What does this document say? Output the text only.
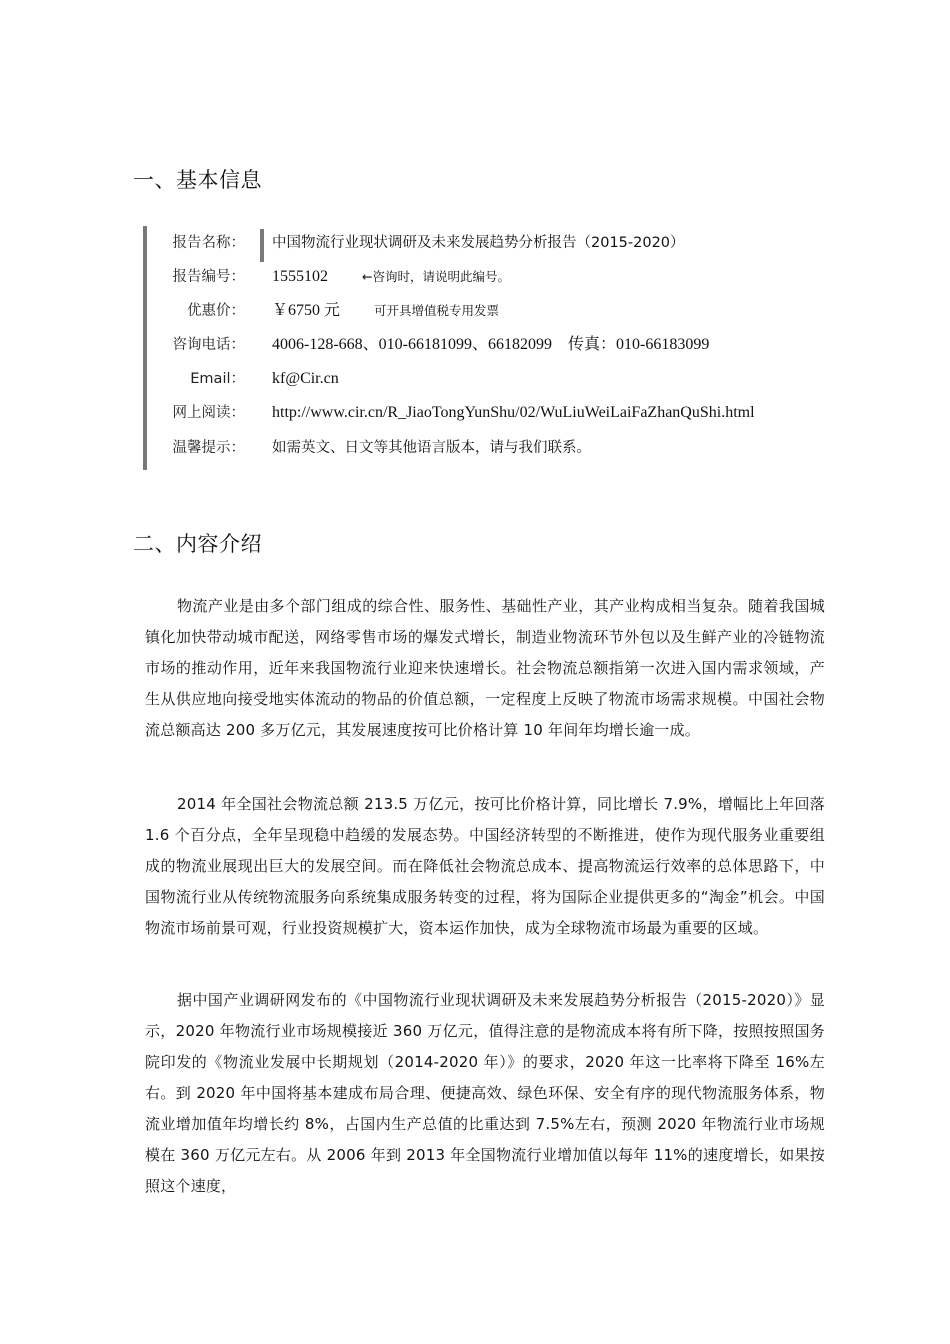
一、基本信息
报告名称： 中国物流行业现状调研及未来发展趋势分析报告（2015-2020）
报告编号： 1555102	←咨询时，请说明此编号。
优惠价： ￥6750 元	可开具增值税专用发票
咨询电话： 4006-128-668、010-66181099、66182099 传真：010-66183099
Email： kf@Cir.cn
网上阅读： http://www.cir.cn/R_JiaoTongYunShu/02/WuLiuWeiLaiFaZhanQuShi.html
温馨提示： 如需英文、日文等其他语言版本，请与我们联系。
二、内容介绍

物流产业是由多个部门组成的综合性、服务性、基础性产业，其产业构成相当复杂。随着我国城镇化加快带动城市配送，网络零售市场的爆发式增长，制造业物流环节外包以及生鲜产业的冷链物流市场的推动作用，近年来我国物流行业迎来快速增长。社会物流总额指第一次进入国内需求领域，产生从供应地向接受地实体流动的物品的价值总额，一定程度上反映了物流市场需求规模。中国社会物流总额高达 200 多万亿元，其发展速度按可比价格计算 10 年间年均增长逾一成。

2014 年全国社会物流总额 213.5 万亿元，按可比价格计算，同比增长 7.9%，增幅比上年回落 1.6 个百分点，全年呈现稳中趋缓的发展态势。中国经济转型的不断推进，使作为现代服务业重要组成的物流业展现出巨大的发展空间。而在降低社会物流总成本、提高物流运行效率的总体思路下，中国物流行业从传统物流服务向系统集成服务转变的过程，将为国际企业提供更多的“淘金”机会。中国物流市场前景可观，行业投资规模扩大，资本运作加快，成为全球物流市场最为重要的区域。

据中国产业调研网发布的《中国物流行业现状调研及未来发展趋势分析报告（2015-2020）》显示，2020 年物流行业市场规模接近 360 万亿元，值得注意的是物流成本将有所下降，按照按照国务院印发的《物流业发展中长期规划（2014-2020 年）》的要求，2020 年这一比率将下降至 16%左右。到 2020 年中国将基本建成布局合理、便捷高效、绿色环保、安全有序的现代物流服务体系，物流业增加值年均增长约 8%，占国内生产总值的比重达到 7.5%左右，预测 2020 年物流行业市场规模在 360 万亿元左右。从 2006 年到 2013 年全国物流行业增加值以每年 11%的速度增长，如果按照这个速度，
